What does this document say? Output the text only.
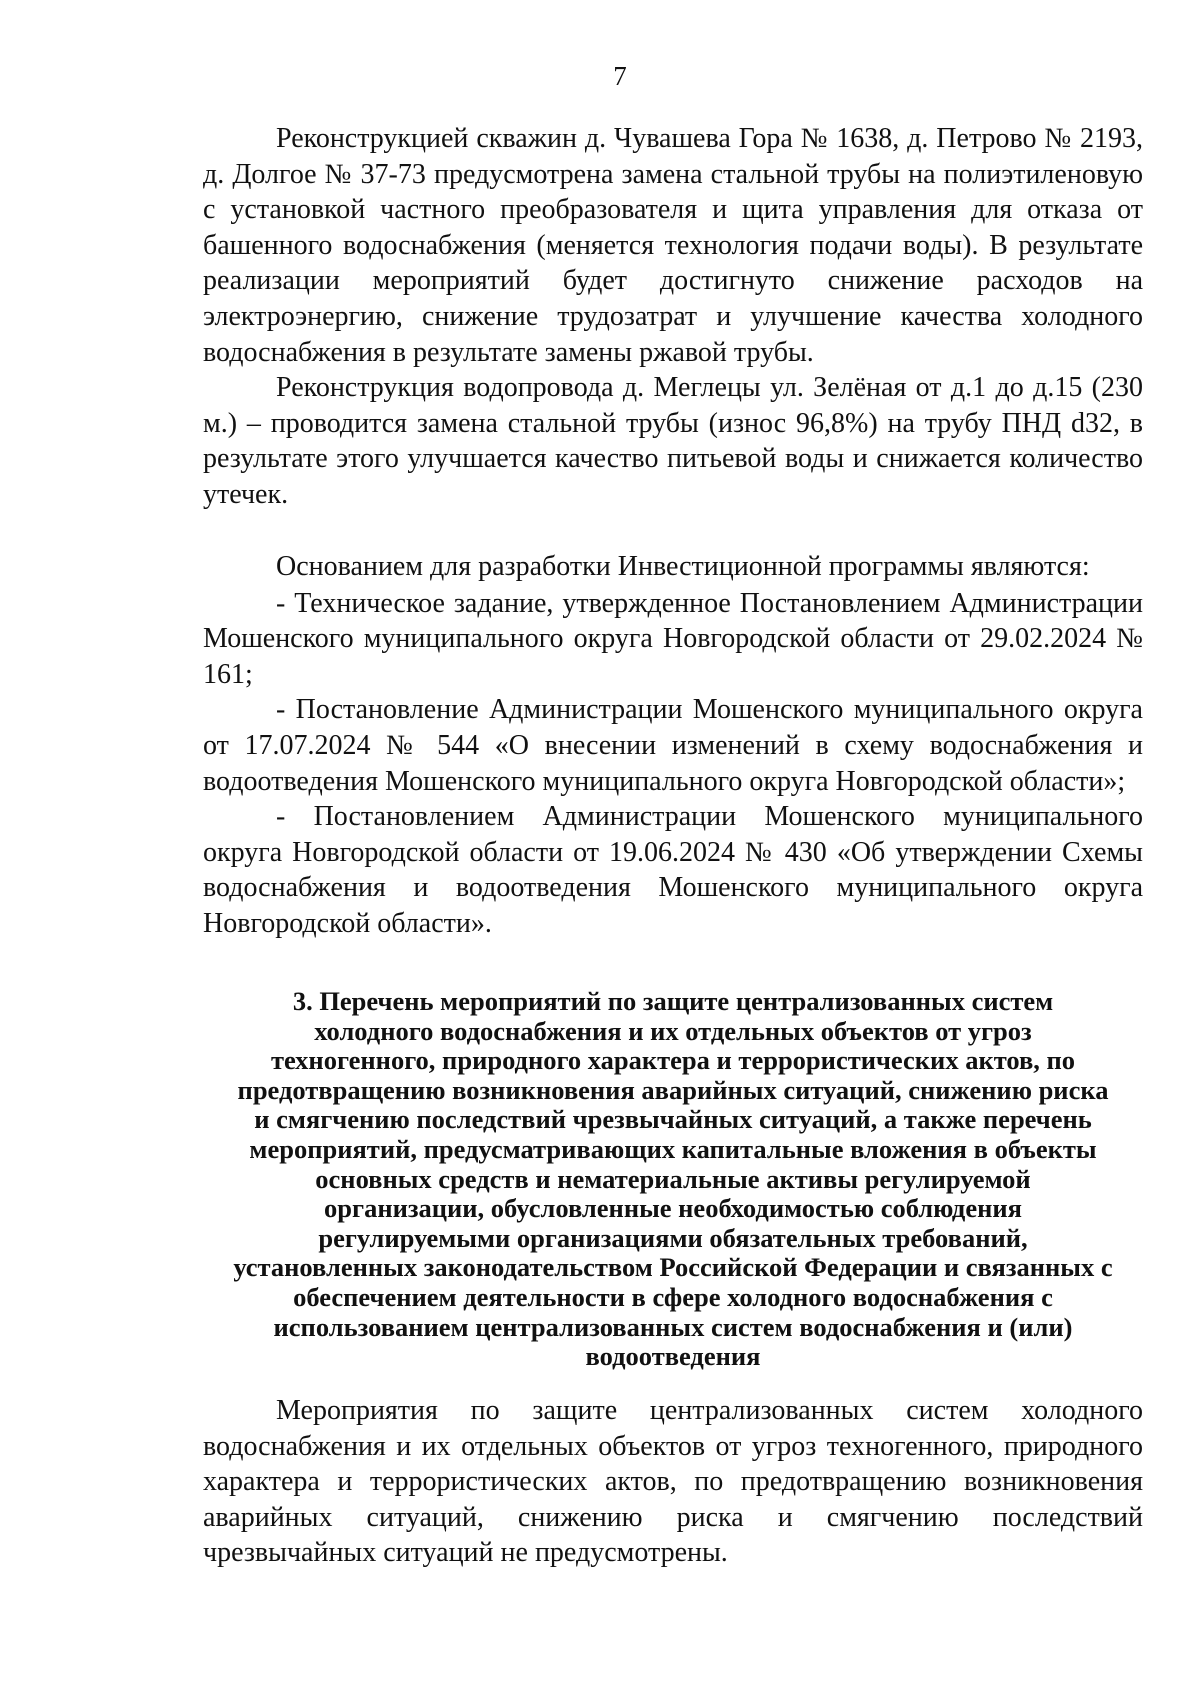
7

Реконструкцией скважин д. Чувашева Гора № 1638, д. Петрово № 2193, д. Долгое № 37-73 предусмотрена замена стальной трубы на полиэтиленовую с установкой частного преобразователя и щита управления для отказа от башенного водоснабжения (меняется технология подачи воды). В результате реализации мероприятий будет достигнуто снижение расходов на электроэнергию, снижение трудозатрат и улучшение качества холодного водоснабжения в результате замены ржавой трубы.

Реконструкция водопровода д. Меглецы ул. Зелёная от д.1 до д.15 (230 м.) – проводится замена стальной трубы (износ 96,8%) на трубу ПНД d32, в результате этого улучшается качество питьевой воды и снижается количество утечек.

Основанием для разработки Инвестиционной программы являются:

- Техническое задание, утвержденное Постановлением Администрации Мошенского муниципального округа Новгородской области от 29.02.2024 № 161;

- Постановление Администрации Мошенского муниципального округа от 17.07.2024 № 544 «О внесении изменений в схему водоснабжения и водоотведения Мошенского муниципального округа Новгородской области»;

- Постановлением Администрации Мошенского муниципального округа Новгородской области от 19.06.2024 № 430 «Об утверждении Схемы водоснабжения и водоотведения Мошенского муниципального округа Новгородской области».

3. Перечень мероприятий по защите централизованных систем

холодного водоснабжения и их отдельных объектов от угроз

техногенного, природного характера и террористических актов, по

предотвращению возникновения аварийных ситуаций, снижению риска

и смягчению последствий чрезвычайных ситуаций, а также перечень

мероприятий, предусматривающих капитальные вложения в объекты

основных средств и нематериальные активы регулируемой

организации, обусловленные необходимостью соблюдения

регулируемыми организациями обязательных требований,

установленных законодательством Российской Федерации и связанных с

обеспечением деятельности в сфере холодного водоснабжения с

использованием централизованных систем водоснабжения и (или)

водоотведения

Мероприятия по защите централизованных систем холодного водоснабжения и их отдельных объектов от угроз техногенного, природного характера и террористических актов, по предотвращению возникновения аварийных ситуаций, снижению риска и смягчению последствий чрезвычайных ситуаций не предусмотрены.
